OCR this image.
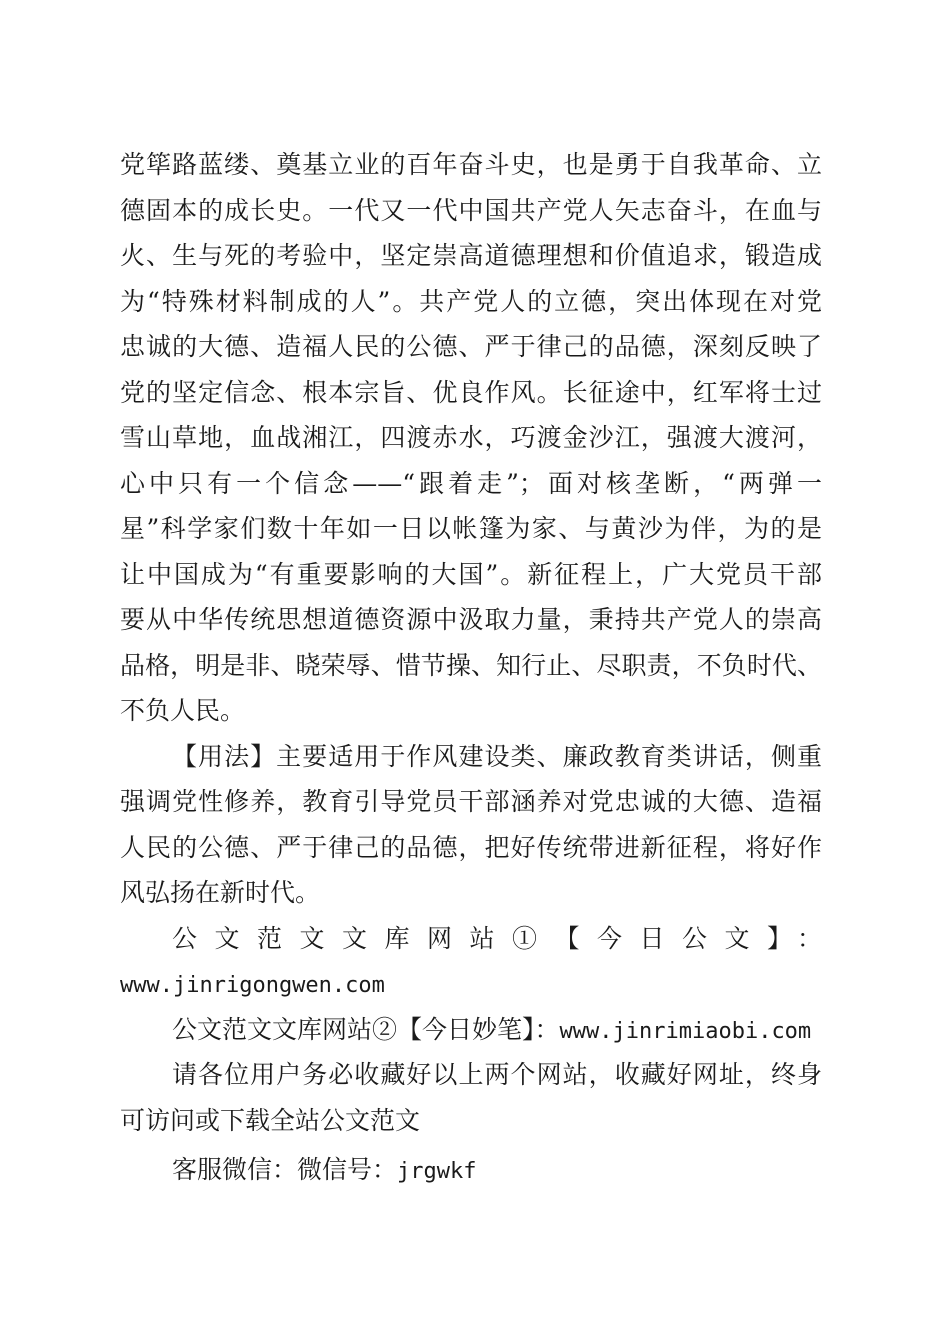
党筚路蓝缕、奠基立业的百年奋斗史，也是勇于自我革命、立
德固本的成长史。一代又一代中国共产党人矢志奋斗，在血与
火、生与死的考验中，坚定崇高道德理想和价值追求，锻造成
为“特殊材料制成的人”。共产党人的立德，突出体现在对党
忠诚的大德、造福人民的公德、严于律己的品德，深刻反映了
党的坚定信念、根本宗旨、优良作风。长征途中，红军将士过
雪山草地，血战湘江，四渡赤水，巧渡金沙江，强渡大渡河，
心中只有一个信念——“跟着走”；面对核垄断，“两弹一
星”科学家们数十年如一日以帐篷为家、与黄沙为伴，为的是
让中国成为“有重要影响的大国”。新征程上，广大党员干部
要从中华传统思想道德资源中汲取力量，秉持共产党人的崇高
品格，明是非、晓荣辱、惜节操、知行止、尽职责，不负时代、
不负人民。
【用法】主要适用于作风建设类、廉政教育类讲话，侧重
强调党性修养，教育引导党员干部涵养对党忠诚的大德、造福
人民的公德、严于律己的品德，把好传统带进新征程，将好作
风弘扬在新时代。
公文范文文库网站①【今日公文】：
www.jinrigongwen.com
公文范文文库网站②【今日妙笔】：www.jinrimiaobi.com
请各位用户务必收藏好以上两个网站，收藏好网址，终身
可访问或下载全站公文范文
客服微信：微信号：jrgwkf
